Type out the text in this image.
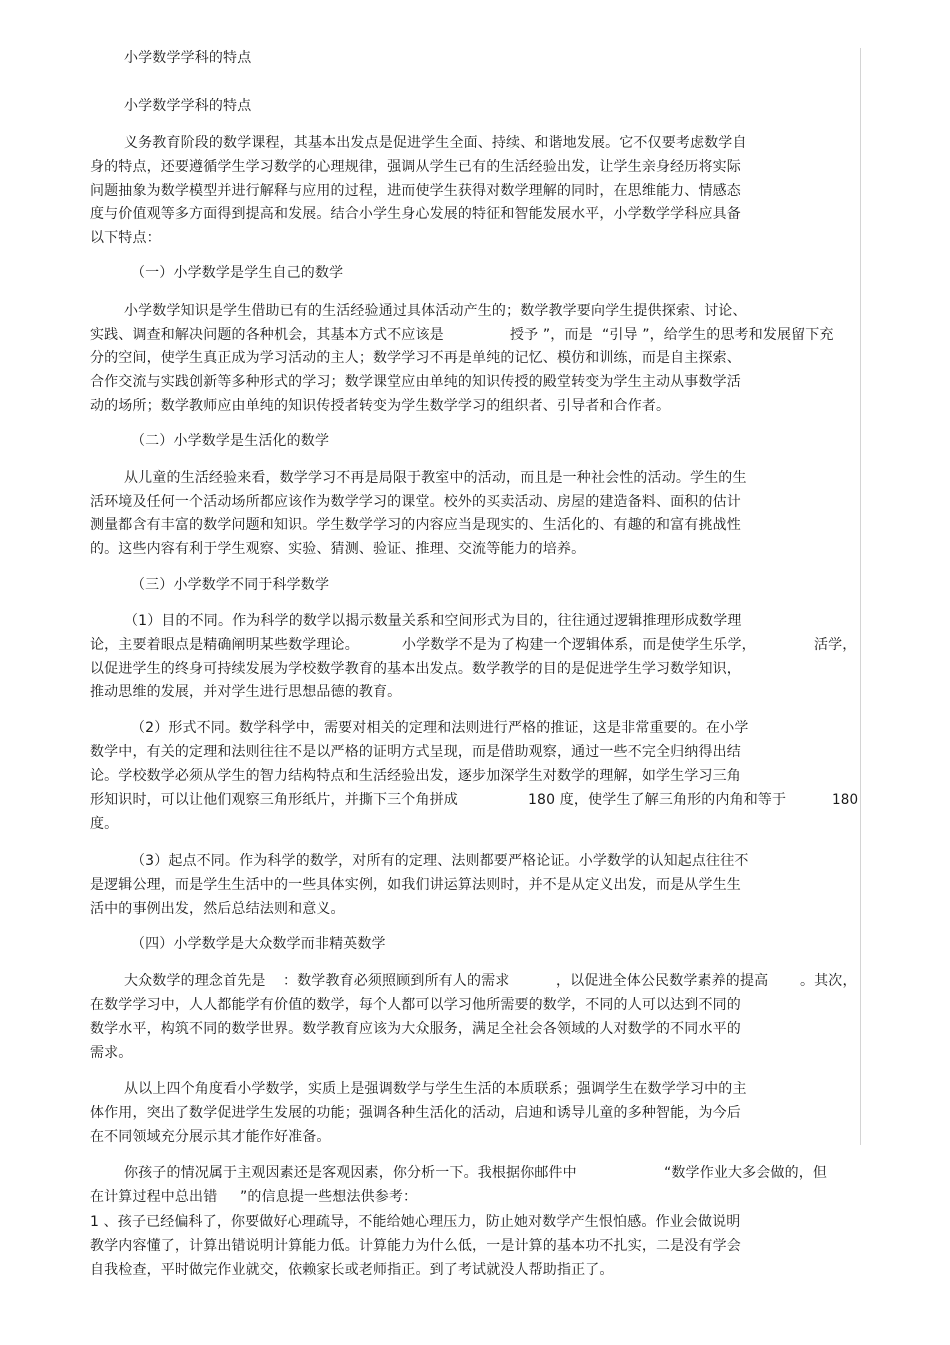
小学数学学科的特点
小学数学学科的特点
义务教育阶段的数学课程，其基本出发点是促进学生全面、持续、和谐地发展。它不仅要考虑数学自
身的特点，还要遵循学生学习数学的心理规律，强调从学生已有的生活经验出发，让学生亲身经历将实际
问题抽象为数学模型并进行解释与应用的过程，进而使学生获得对数学理解的同时，在思维能力、情感态
度与价值观等多方面得到提高和发展。结合小学生身心发展的特征和智能发展水平，小学数学学科应具备
以下特点：
（一）小学数学是学生自己的数学
小学数学知识是学生借助已有的生活经验通过具体活动产生的；数学教学要向学生提供探索、讨论、
实践、调查和解决问题的各种机会，其基本方式不应该是	授予 ”，而是  “引导 ”，给学生的思考和发展留下充
分的空间，使学生真正成为学习活动的主人；数学学习不再是单纯的记忆、模仿和训练，而是自主探索、
合作交流与实践创新等多种形式的学习；数学课堂应由单纯的知识传授的殿堂转变为学生主动从事数学活
动的场所；数学教师应由单纯的知识传授者转变为学生数学学习的组织者、引导者和合作者。
（二）小学数学是生活化的数学
从儿童的生活经验来看，数学学习不再是局限于教室中的活动，而且是一种社会性的活动。学生的生
活环境及任何一个活动场所都应该作为数学学习的课堂。校外的买卖活动、房屋的建造备料、面积的估计
测量都含有丰富的数学问题和知识。学生数学学习的内容应当是现实的、生活化的、有趣的和富有挑战性
的。这些内容有利于学生观察、实验、猜测、验证、推理、交流等能力的培养。
（三）小学数学不同于科学数学
（1）目的不同。作为科学的数学以揭示数量关系和空间形式为目的，往往通过逻辑推理形成数学理
论，主要着眼点是精确阐明某些数学理论。	小学数学不是为了构建一个逻辑体系，而是使学生乐学，	活学，
以促进学生的终身可持续发展为学校数学教育的基本出发点。数学教学的目的是促进学生学习数学知识，
推动思维的发展，并对学生进行思想品德的教育。
（2）形式不同。数学科学中，需要对相关的定理和法则进行严格的推证，这是非常重要的。在小学
数学中，有关的定理和法则往往不是以严格的证明方式呈现，而是借助观察，通过一些不完全归纳得出结
论。学校数学必须从学生的智力结构特点和生活经验出发，逐步加深学生对数学的理解，如学生学习三角
形知识时，可以让他们观察三角形纸片，并撕下三个角拼成	180 度，使学生了解三角形的内角和等于	180
度。
（3）起点不同。作为科学的数学，对所有的定理、法则都要严格论证。小学数学的认知起点往往不
是逻辑公理，而是学生生活中的一些具体实例，如我们讲运算法则时，并不是从定义出发，而是从学生生
活中的事例出发，然后总结法则和意义。
（四）小学数学是大众数学而非精英数学
大众数学的理念首先是 ：数学教育必须照顾到所有人的需求	，以促进全体公民数学素养的提高 。其次，
在数学学习中，人人都能学有价值的数学，每个人都可以学习他所需要的数学，不同的人可以达到不同的
数学水平，构筑不同的数学世界。数学教育应该为大众服务，满足全社会各领域的人对数学的不同水平的
需求。
从以上四个角度看小学数学，实质上是强调数学与学生生活的本质联系；强调学生在数学学习中的主
体作用，突出了数学促进学生发展的功能；强调各种生活化的活动，启迪和诱导儿童的多种智能，为今后
在不同领域充分展示其才能作好准备。
你孩子的情况属于主观因素还是客观因素，你分析一下。我根据你邮件中	“数学作业大多会做的，但
在计算过程中总出错 ”的信息提一些想法供参考：
1 、孩子已经偏科了，你要做好心理疏导，不能给她心理压力，防止她对数学产生恨怕感。作业会做说明
教学内容懂了，计算出错说明计算能力低。计算能力为什么低，一是计算的基本功不扎实，二是没有学会
自我检查，平时做完作业就交，依赖家长或老师指正。到了考试就没人帮助指正了。
